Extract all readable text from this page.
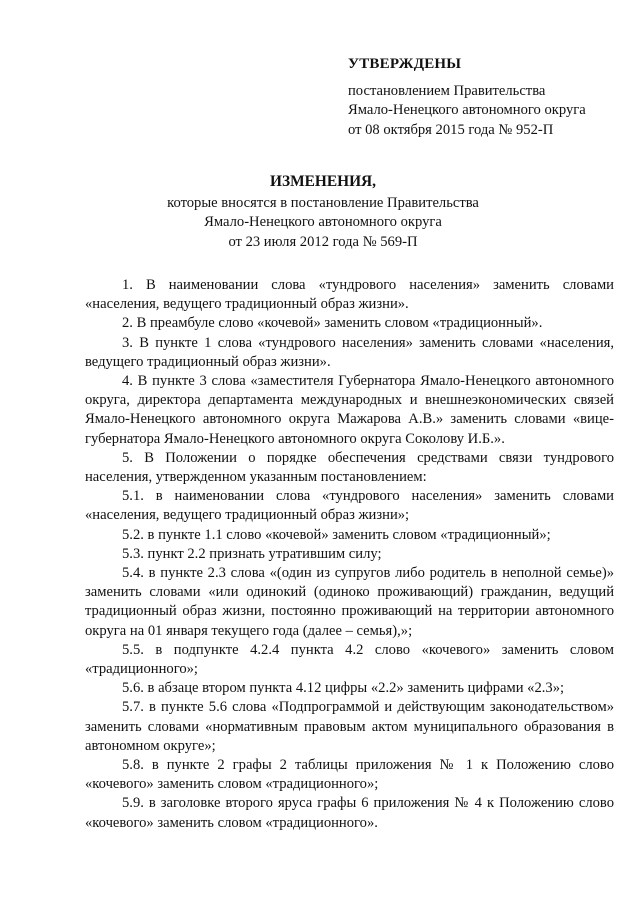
УТВЕРЖДЕНЫ
постановлением Правительства
Ямало-Ненецкого автономного округа
от 08 октября 2015 года № 952-П
ИЗМЕНЕНИЯ,
которые вносятся в постановление Правительства
Ямало-Ненецкого автономного округа
от 23 июля 2012 года № 569-П

1. В наименовании слова «тундрового населения» заменить словами «населения, ведущего традиционный образ жизни».

2. В преамбуле слово «кочевой» заменить словом «традиционный».

3. В пункте 1 слова «тундрового населения» заменить словами «населения, ведущего традиционный образ жизни».

4. В пункте 3 слова «заместителя Губернатора Ямало-Ненецкого автономного округа, директора департамента международных и внешнеэкономических связей Ямало-Ненецкого автономного округа Мажарова А.В.» заменить словами «вице-губернатора Ямало-Ненецкого автономного округа Соколову И.Б.».

5. В Положении о порядке обеспечения средствами связи тундрового населения, утвержденном указанным постановлением:

5.1. в наименовании слова «тундрового населения» заменить словами «населения, ведущего традиционный образ жизни»;

5.2. в пункте 1.1 слово «кочевой» заменить словом «традиционный»;

5.3. пункт 2.2 признать утратившим силу;

5.4. в пункте 2.3 слова «(один из супругов либо родитель в неполной семье)» заменить словами «или одинокий (одиноко проживающий) гражданин, ведущий традиционный образ жизни, постоянно проживающий на территории автономного округа на 01 января текущего года (далее – семья),»;

5.5. в подпункте 4.2.4 пункта 4.2 слово «кочевого» заменить словом «традиционного»;

5.6. в абзаце втором пункта 4.12 цифры «2.2» заменить цифрами «2.3»;

5.7. в пункте 5.6 слова «Подпрограммой и действующим законодательством» заменить словами «нормативным правовым актом муниципального образования в автономном округе»;

5.8. в пункте 2 графы 2 таблицы приложения № 1 к Положению слово «кочевого» заменить словом «традиционного»;

5.9. в заголовке второго яруса графы 6 приложения № 4 к Положению слово «кочевого» заменить словом «традиционного».
